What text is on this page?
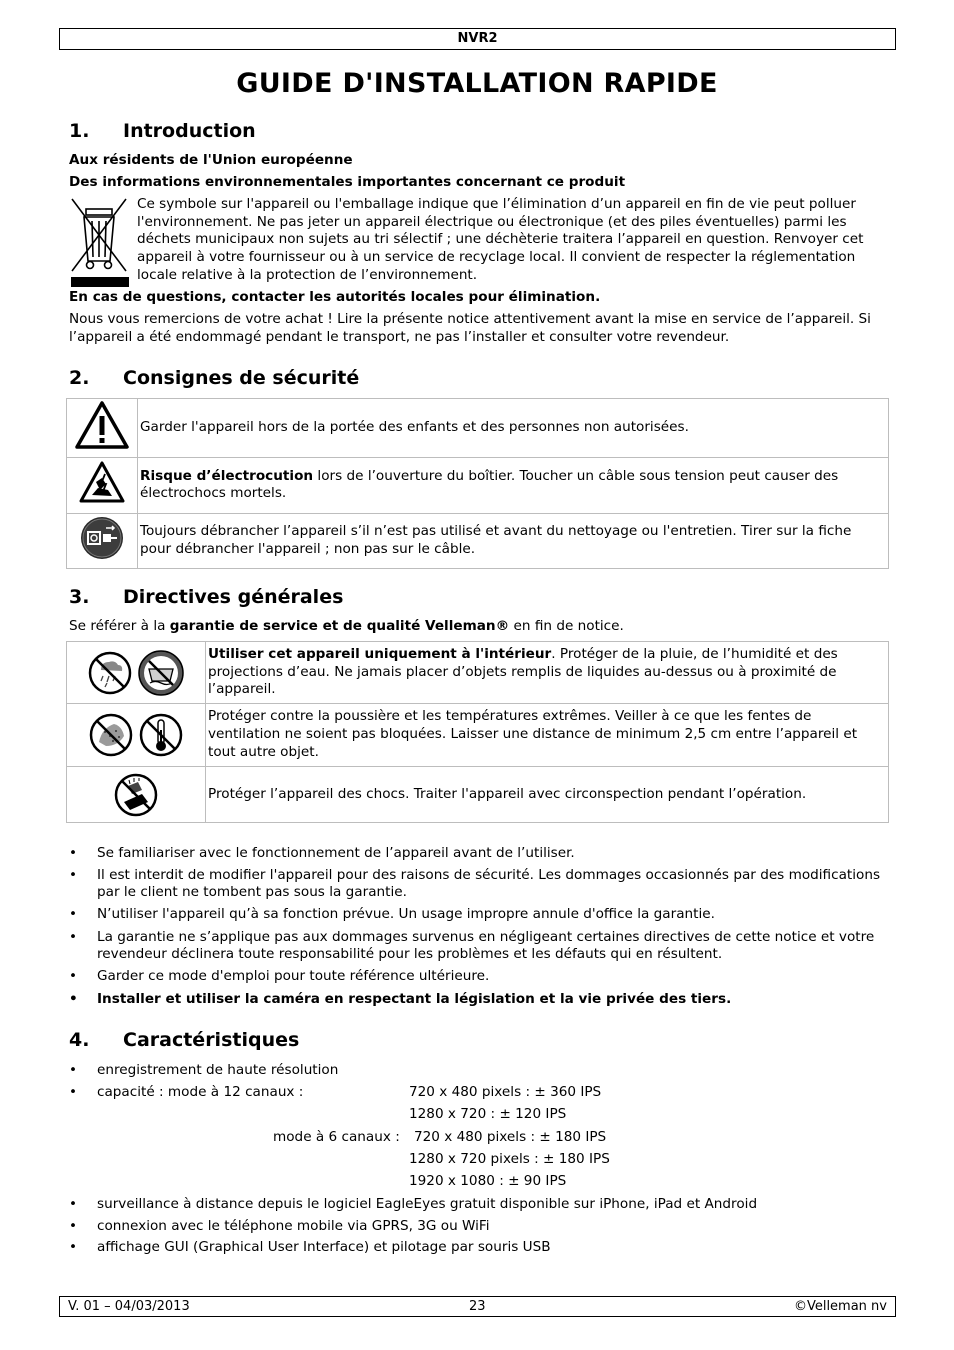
NVR2
GUIDE D'INSTALLATION RAPIDE
1. Introduction
Aux résidents de l'Union européenne
Des informations environnementales importantes concernant ce produit
Ce symbole sur l'appareil ou l'emballage indique que l’élimination d’un appareil en fin de vie peut polluer l'environnement. Ne pas jeter un appareil électrique ou électronique (et des piles éventuelles) parmi les déchets municipaux non sujets au tri sélectif ; une déchèterie traitera l’appareil en question. Renvoyer cet appareil à votre fournisseur ou à un service de recyclage local. Il convient de respecter la réglementation locale relative à la protection de l’environnement.
En cas de questions, contacter les autorités locales pour élimination.
Nous vous remercions de votre achat ! Lire la présente notice attentivement avant la mise en service de l’appareil. Si l’appareil a été endommagé pendant le transport, ne pas l’installer et consulter votre revendeur.
2. Consignes de sécurité
	Garder l'appareil hors de la portée des enfants et des personnes non autorisées.
	Risque d’électrocution lors de l’ouverture du boîtier. Toucher un câble sous tension peut causer des électrochocs mortels.
	Toujours débrancher l’appareil s’il n’est pas utilisé et avant du nettoyage ou l'entretien. Tirer sur la fiche pour débrancher l'appareil ; non pas sur le câble.
3. Directives générales
Se référer à la garantie de service et de qualité Velleman® en fin de notice.
	Utiliser cet appareil uniquement à l'intérieur. Protéger de la pluie, de l’humidité et des projections d’eau. Ne jamais placer d’objets remplis de liquides au-dessus ou à proximité de l’appareil.
	Protéger contre la poussière et les températures extrêmes. Veiller à ce que les fentes de ventilation ne soient pas bloquées. Laisser une distance de minimum 2,5 cm entre l’appareil et tout autre objet.
	Protéger l’appareil des chocs. Traiter l'appareil avec circonspection pendant l’opération.
• Se familiariser avec le fonctionnement de l’appareil avant de l’utiliser.
• Il est interdit de modifier l'appareil pour des raisons de sécurité. Les dommages occasionnés par des modifications par le client ne tombent pas sous la garantie.
• N’utiliser l'appareil qu’à sa fonction prévue. Un usage impropre annule d'office la garantie.
• La garantie ne s’applique pas aux dommages survenus en négligeant certaines directives de cette notice et votre revendeur déclinera toute responsabilité pour les problèmes et les défauts qui en résultent.
• Garder ce mode d'emploi pour toute référence ultérieure.
• Installer et utiliser la caméra en respectant la législation et la vie privée des tiers.
4. Caractéristiques
• enregistrement de haute résolution
• capacité : mode à 12 canaux :	720 x 480 pixels : ± 360 IPS
1280 x 720 : ± 120 IPS
mode à 6 canaux : 720 x 480 pixels : ± 180 IPS
1280 x 720 pixels : ± 180 IPS
1920 x 1080 : ± 90 IPS
• surveillance à distance depuis le logiciel EagleEyes gratuit disponible sur iPhone, iPad et Android
• connexion avec le téléphone mobile via GPRS, 3G ou WiFi
• affichage GUI (Graphical User Interface) et pilotage par souris USB
V. 01 – 04/03/2013	23	©Velleman nv
